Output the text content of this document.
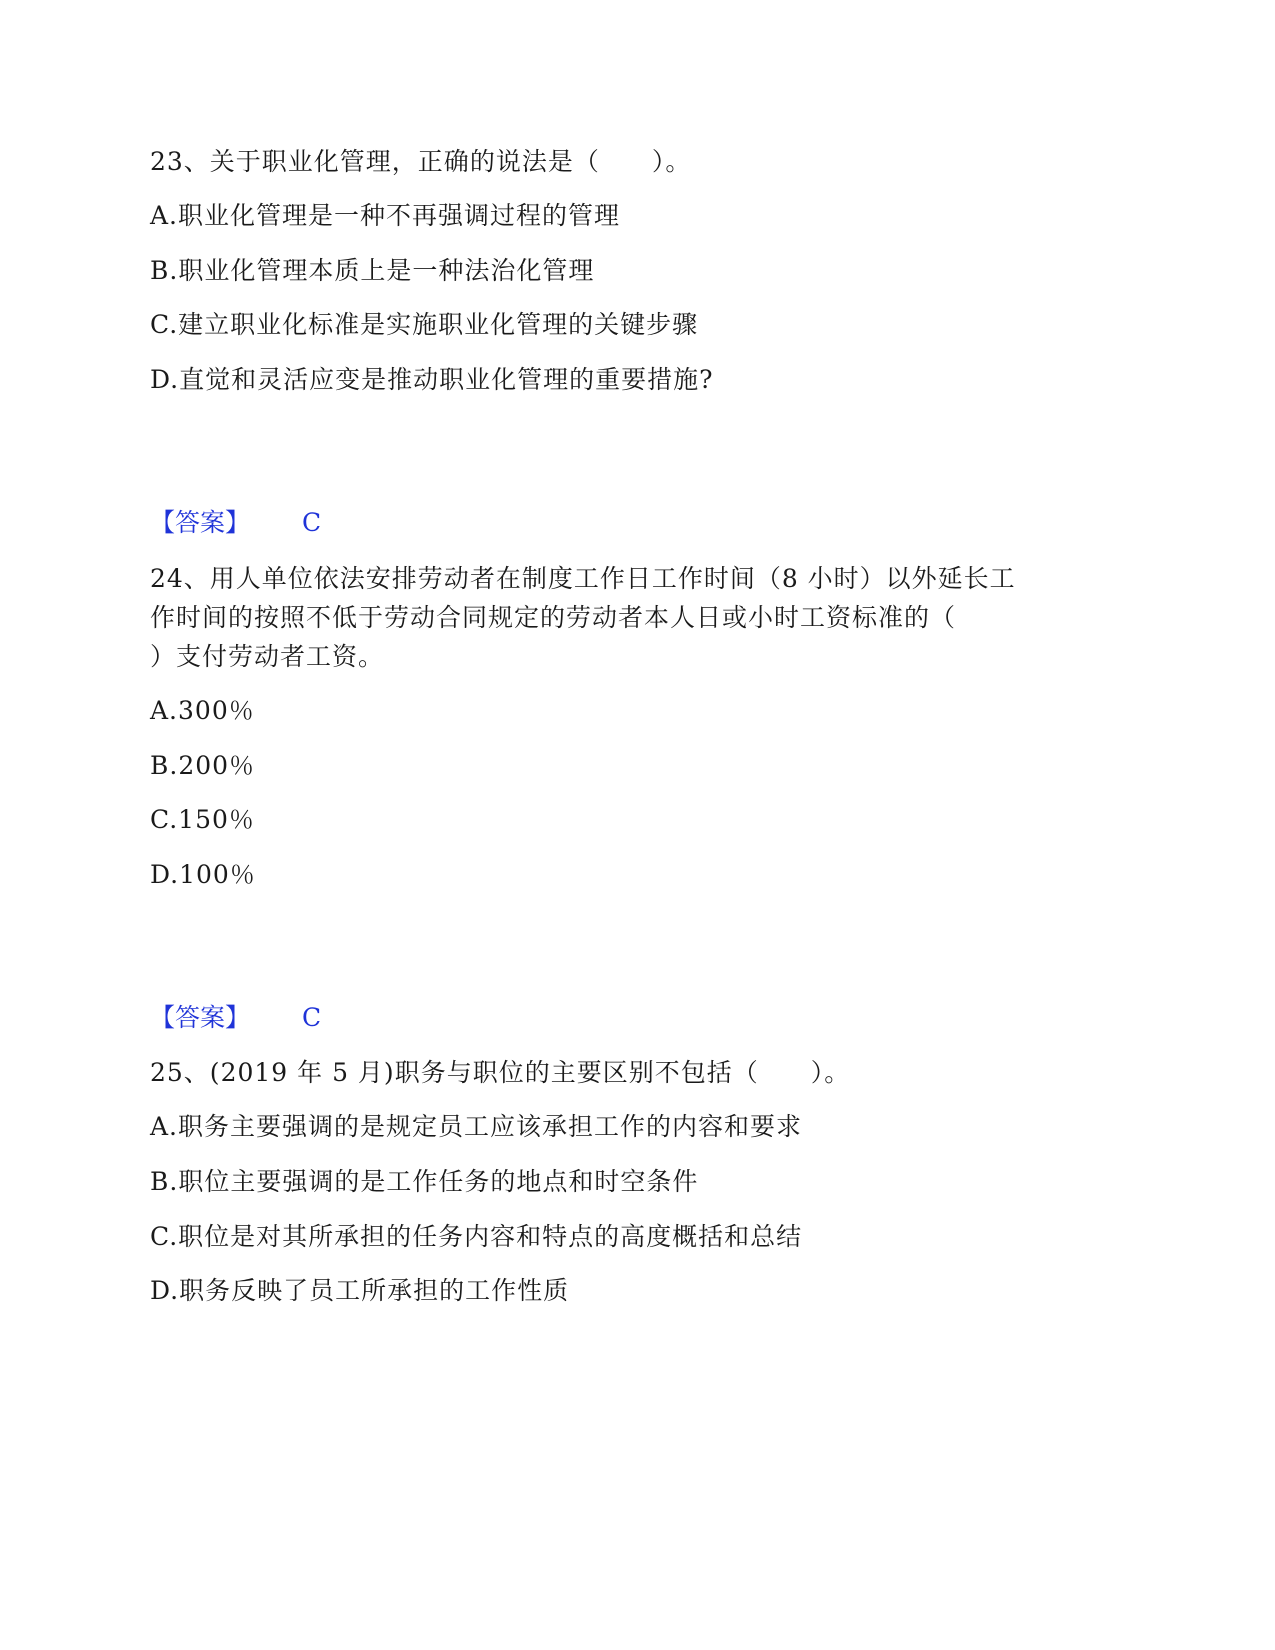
23、关于职业化管理，正确的说法是（　　）。
A.职业化管理是一种不再强调过程的管理
B.职业化管理本质上是一种法治化管理
C.建立职业化标准是实施职业化管理的关键步骤
D.直觉和灵活应变是推动职业化管理的重要措施?
【答案】 C
24、用人单位依法安排劳动者在制度工作日工作时间（8 小时）以外延长工
作时间的按照不低于劳动合同规定的劳动者本人日或小时工资标准的（
）支付劳动者工资。
A.300％
B.200％
C.150％
D.100％
【答案】 C
25、(2019 年 5 月)职务与职位的主要区别不包括（　　）。
A.职务主要强调的是规定员工应该承担工作的内容和要求
B.职位主要强调的是工作任务的地点和时空条件
C.职位是对其所承担的任务内容和特点的高度概括和总结
D.职务反映了员工所承担的工作性质
